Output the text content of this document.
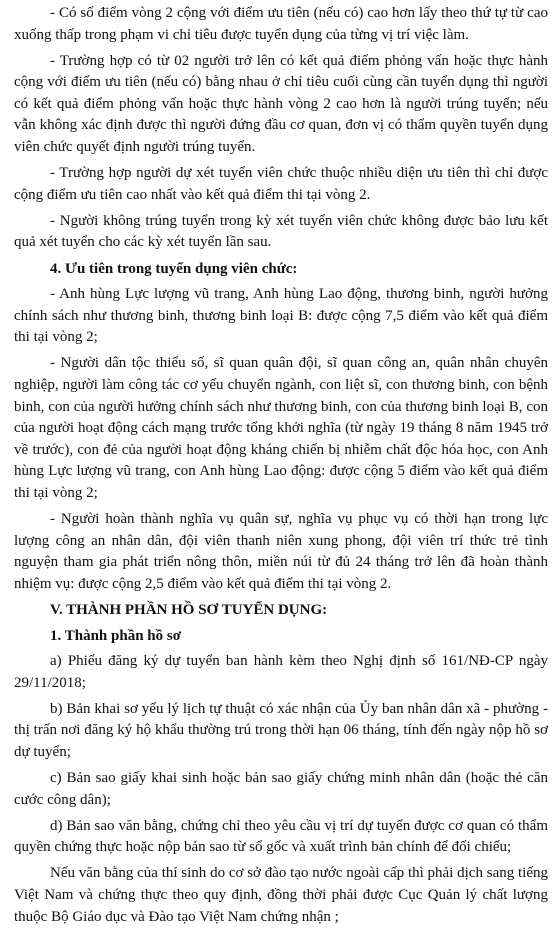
- Có số điểm vòng 2 cộng với điểm ưu tiên (nếu có) cao hơn lấy theo thứ tự từ cao xuống thấp trong phạm vi chỉ tiêu được tuyển dụng của từng vị trí việc làm.

- Trường hợp có từ 02 người trở lên có kết quả điểm phỏng vấn hoặc thực hành cộng với điểm ưu tiên (nếu có) bằng nhau ở chỉ tiêu cuối cùng cần tuyển dụng thì người có kết quả điểm phỏng vấn hoặc thực hành vòng 2 cao hơn là người trúng tuyển; nếu vẫn không xác định được thì người đứng đầu cơ quan, đơn vị có thẩm quyền tuyển dụng viên chức quyết định người trúng tuyển.

- Trường hợp người dự xét tuyển viên chức thuộc nhiều diện ưu tiên thì chỉ được cộng điểm ưu tiên cao nhất vào kết quả điểm thi tại vòng 2.

- Người không trúng tuyển trong kỳ xét tuyển viên chức không được bảo lưu kết quả xét tuyển cho các kỳ xét tuyển lần sau.

4. Ưu tiên trong tuyển dụng viên chức:

- Anh hùng Lực lượng vũ trang, Anh hùng Lao động, thương binh, người hưởng chính sách như thương binh, thương binh loại B: được cộng 7,5 điểm vào kết quả điểm thi tại vòng 2;

- Người dân tộc thiểu số, sĩ quan quân đội, sĩ quan công an, quân nhân chuyên nghiệp, người làm công tác cơ yếu chuyển ngành, con liệt sĩ, con thương binh, con bệnh binh, con của người hưởng chính sách như thương binh, con của thương binh loại B, con của người hoạt động cách mạng trước tổng khởi nghĩa (từ ngày 19 tháng 8 năm 1945 trở về trước), con đẻ của người hoạt động kháng chiến bị nhiễm chất độc hóa học, con Anh hùng Lực lượng vũ trang, con Anh hùng Lao động: được cộng 5 điểm vào kết quả điểm thi tại vòng 2;

- Người hoàn thành nghĩa vụ quân sự, nghĩa vụ phục vụ có thời hạn trong lực lượng công an nhân dân, đội viên thanh niên xung phong, đội viên trí thức trẻ tình nguyện tham gia phát triển nông thôn, miền núi từ đủ 24 tháng trở lên đã hoàn thành nhiệm vụ: được cộng 2,5 điểm vào kết quả điểm thi tại vòng 2.

V. THÀNH PHẦN HỒ SƠ TUYỂN DỤNG:

1. Thành phần hồ sơ

a) Phiếu đăng ký dự tuyển ban hành kèm theo Nghị định số 161/NĐ-CP ngày 29/11/2018;

b) Bản khai sơ yếu lý lịch tự thuật có xác nhận của Ủy ban nhân dân xã - phường - thị trấn nơi đăng ký hộ khẩu thường trú trong thời hạn 06 tháng, tính đến ngày nộp hồ sơ dự tuyển;

c) Bản sao giấy khai sinh hoặc bản sao giấy chứng minh nhân dân (hoặc thẻ căn cước công dân);

d) Bản sao văn bằng, chứng chỉ theo yêu cầu vị trí dự tuyển được cơ quan có thẩm quyền chứng thực hoặc nộp bản sao từ sổ gốc và xuất trình bản chính để đối chiếu;

Nếu văn bằng của thí sinh do cơ sở đào tạo nước ngoài cấp thì phải dịch sang tiếng Việt Nam và chứng thực theo quy định, đồng thời phải được Cục Quản lý chất lượng thuộc Bộ Giáo dục và Đào tạo Việt Nam chứng nhận ;
